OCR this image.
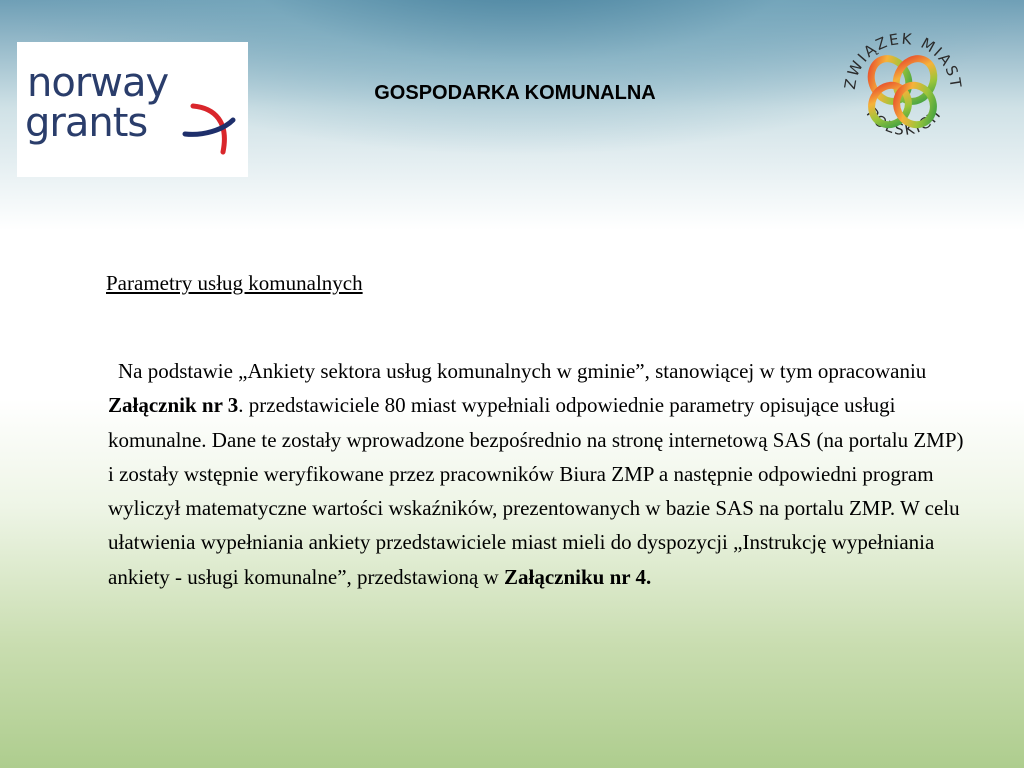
norway
grants
GOSPODARKA KOMUNALNA	ZWIĄZEK MIAST
POLSKICH
Parametry usług komunalnych
Na podstawie „Ankiety sektora usług komunalnych w gminie”, stanowiącej w tym opracowaniu Załącznik nr 3. przedstawiciele 80 miast wypełniali odpowiednie parametry opisujące usługi komunalne. Dane te zostały wprowadzone bezpośrednio na stronę internetową SAS (na portalu ZMP) i zostały wstępnie weryfikowane przez pracowników Biura ZMP a następnie odpowiedni program wyliczył matematyczne wartości wskaźników, prezentowanych w bazie SAS na portalu ZMP. W celu ułatwienia wypełniania ankiety przedstawiciele miast mieli do dyspozycji „Instrukcję wypełniania ankiety - usługi komunalne”, przedstawioną w Załączniku nr 4.
